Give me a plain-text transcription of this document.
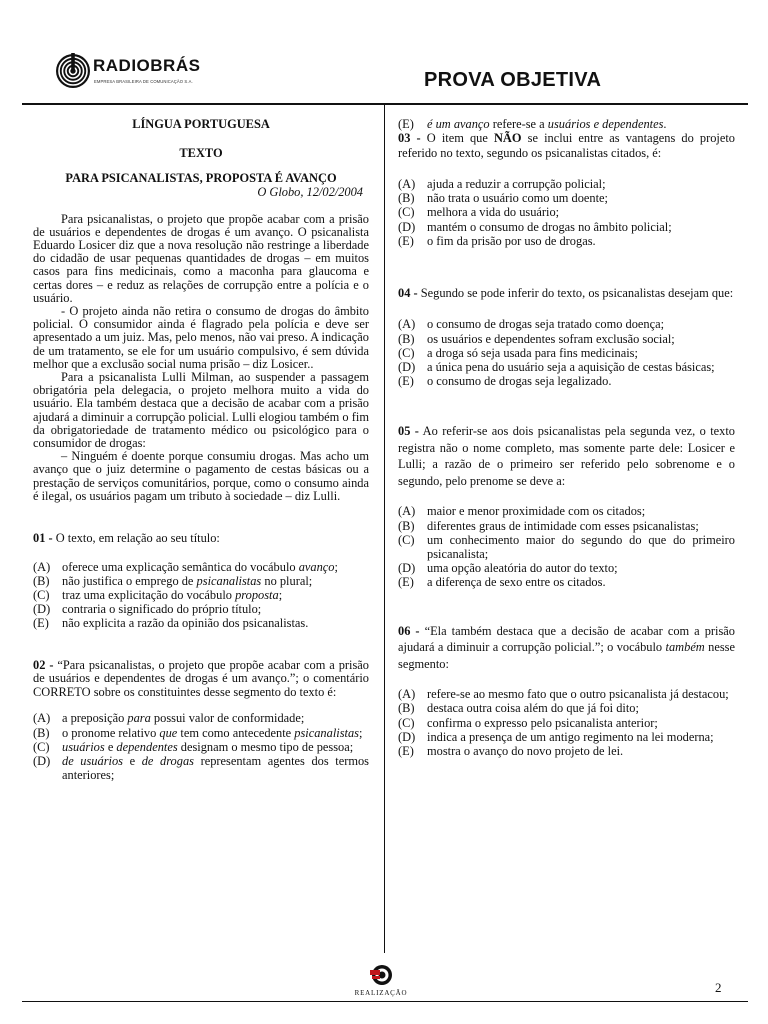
RADIOBRÁS
EMPRESA BRASILEIRA DE COMUNICAÇÃO S.A.	PROVA OBJETIVA
LÍNGUA PORTUGUESA
TEXTO
PARA PSICANALISTAS, PROPOSTA É AVANÇO
O Globo, 12/02/2004

Para psicanalistas, o projeto que propõe acabar com a prisão de usuários e dependentes de drogas é um avanço. O psicanalista Eduardo Losicer diz que a nova resolução não restringe a liberdade do cidadão de usar pequenas quantidades de drogas – em muitos casos para fins medicinais, como a maconha para glaucoma e certas dores – e reduz as relações de corrupção entre a polícia e o usuário.

- O projeto ainda não retira o consumo de drogas do âmbito policial. O consumidor ainda é flagrado pela polícia e deve ser apresentado a um juiz. Mas, pelo menos, não vai preso. A indicação de um tratamento, se ele for um usuário compulsivo, é sem dúvida melhor que a exclusão social numa prisão – diz Losicer..

Para a psicanalista Lulli Milman, ao suspender a passagem obrigatória pela delegacia, o projeto melhora muito a vida do usuário. Ela também destaca que a decisão de acabar com a prisão ajudará a diminuir a corrupção policial. Lulli elogiou também o fim da obrigatoriedade de tratamento médico ou psicológico para o consumidor de drogas:

– Ninguém é doente porque consumiu drogas. Mas acho um avanço que o juiz determine o pagamento de cestas básicas ou a prestação de serviços comunitários, porque, como o consumo ainda é ilegal, os usuários pagam um tributo à sociedade – diz Lulli.

01 - O texto, em relação ao seu título:

(A) oferece uma explicação semântica do vocábulo avanço;
(B)	não justifica o emprego de psicanalistas no plural;
(C)	traz uma explicitação do vocábulo proposta;
(D) contraria o significado do próprio título;
(E)	não explicita a razão da opinião dos psicanalistas.

02 - “Para psicanalistas, o projeto que propõe acabar com a prisão de usuários e dependentes de drogas é um avanço.”; o comentário CORRETO sobre os constituintes desse segmento do texto é:

(A) a preposição para possui valor de conformidade;
(B)	o pronome relativo que tem como antecedente psicanalistas;
(C)	usuários e dependentes designam o mesmo tipo de pessoa;
(D) de usuários e de drogas representam agentes dos termos anteriores;
(E)	é um avanço refere-se a usuários e dependentes.

03 - O item que NÃO se inclui entre as vantagens do projeto referido no texto, segundo os psicanalistas citados, é:

(A) ajuda a reduzir a corrupção policial;
(B)	não trata o usuário como um doente;
(C)	melhora a vida do usuário;
(D) mantém o consumo de drogas no âmbito policial;
(E)	o fim da prisão por uso de drogas.

04 - Segundo se pode inferir do texto, os psicanalistas desejam que:

(A) o consumo de drogas seja tratado como doença;
(B)	os usuários e dependentes sofram exclusão social;
(C)	a droga só seja usada para fins medicinais;
(D) a única pena do usuário seja a aquisição de cestas básicas;
(E)	o consumo de drogas seja legalizado.

05 - Ao referir-se aos dois psicanalistas pela segunda vez, o texto registra não o nome completo, mas somente parte dele: Losicer e Lulli; a razão de o primeiro ser referido pelo sobrenome e o segundo, pelo prenome se deve a:

(A) maior e menor proximidade com os citados;
(B)	diferentes graus de intimidade com esses psicanalistas;
(C)	um conhecimento maior do segundo do que do primeiro psicanalista;
(D) uma opção aleatória do autor do texto;
(E)	a diferença de sexo entre os citados.

06 - “Ela também destaca que a decisão de acabar com a prisão ajudará a diminuir a corrupção policial.”; o vocábulo também nesse segmento:

(A) refere-se ao mesmo fato que o outro psicanalista já destacou;
(B)	destaca outra coisa além do que já foi dito;
(C)	confirma o expresso pelo psicanalista anterior;
(D) indica a presença de um antigo regimento na lei moderna;
(E)	mostra o avanço do novo projeto de lei.
REALIZAÇÃO	2
